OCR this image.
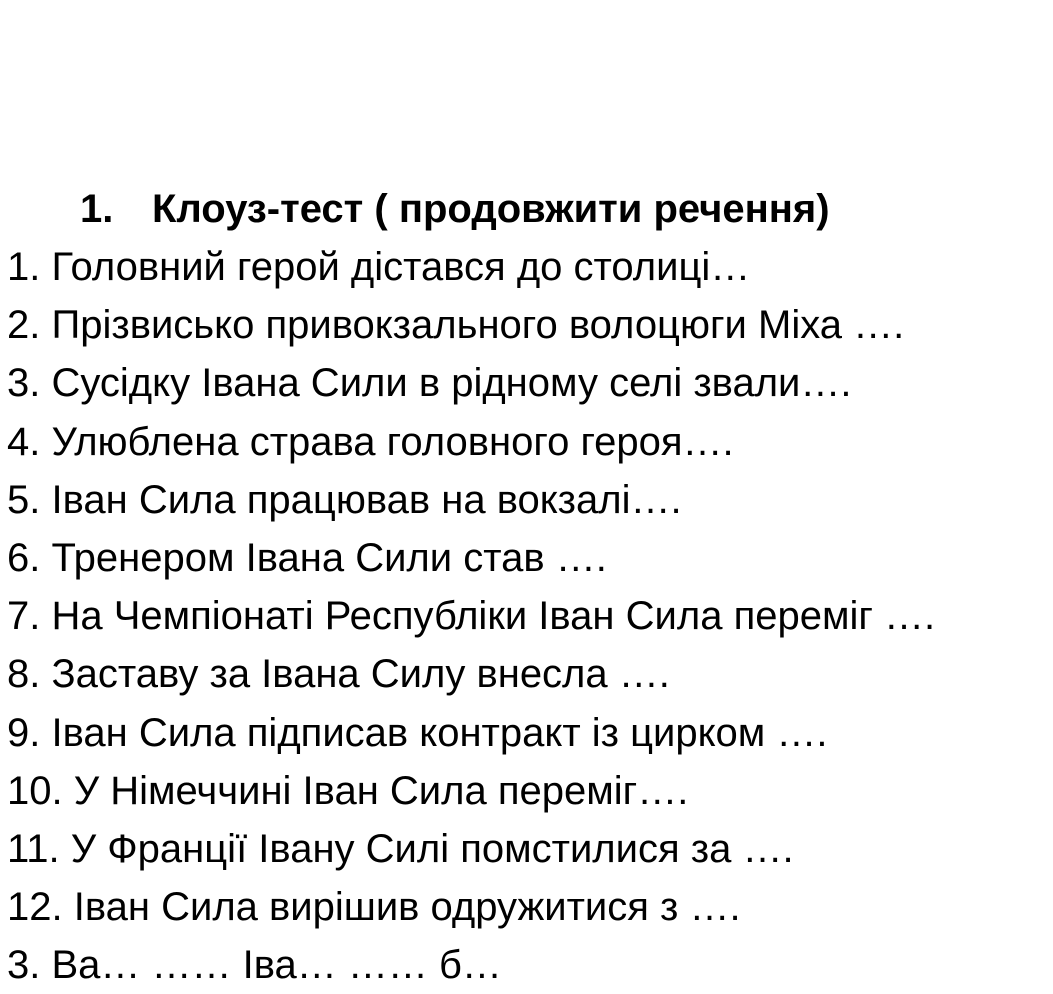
1. Клоуз-тест ( продовжити речення)
1. Головний герой дістався до столиці…
2. Прізвисько привокзального волоцюги Міха ….
3. Сусідку Івана Сили в рідному селі звали….
4. Улюблена страва головного героя….
5. Іван Сила працював на вокзалі….
6. Тренером Івана Сили став ….
7. На Чемпіонаті Республіки Іван Сила переміг ….
8. Заставу за Івана Силу внесла ….
9. Іван Сила підписав контракт із цирком ….
10. У Німеччині Іван Сила переміг….
11. У Франції Івану Силі помстилися за ….
12. Іван Сила вирішив одружитися з ….
3. Ва… …… Іва… …… б…
